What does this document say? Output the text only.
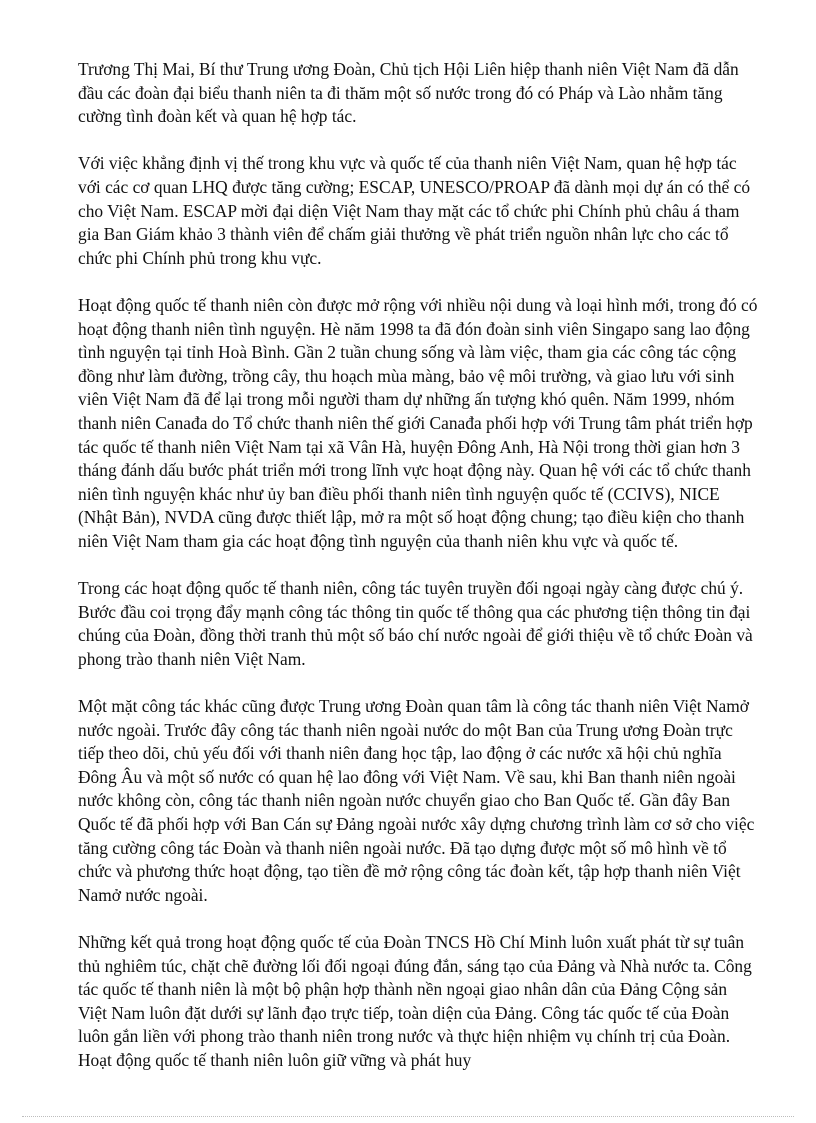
Trương Thị Mai, Bí thư Trung ương Đoàn, Chủ tịch Hội Liên hiệp thanh niên Việt Nam đã dẫn đầu các đoàn đại biểu thanh niên ta đi thăm một số nước trong đó có Pháp và Lào nhằm tăng cường tình đoàn kết và quan hệ hợp tác.

Với việc khẳng định vị thế trong khu vực và quốc tế của thanh niên Việt Nam, quan hệ hợp tác với các cơ quan LHQ được tăng cường; ESCAP, UNESCO/PROAP đã dành mọi dự án có thể có cho Việt Nam. ESCAP mời đại diện Việt Nam thay mặt các tổ chức phi Chính phủ châu á tham gia Ban Giám khảo 3 thành viên để chấm giải thưởng về phát triển nguồn nhân lực cho các tổ chức phi Chính phủ trong khu vực.

Hoạt động quốc tế thanh niên còn được mở rộng với nhiều nội dung và loại hình mới, trong đó có hoạt động thanh niên tình nguyện. Hè năm 1998 ta đã đón đoàn sinh viên Singapo sang lao động tình nguyện tại tỉnh Hoà Bình. Gần 2 tuần chung sống và làm việc, tham gia các công tác cộng đồng như làm đường, trồng cây, thu hoạch mùa màng, bảo vệ môi trường, và giao lưu với sinh viên Việt Nam đã để lại trong mỗi người tham dự những ấn tượng khó quên. Năm 1999, nhóm thanh niên Canađa do Tổ chức thanh niên thế giới Canađa phối hợp với Trung tâm phát triển hợp tác quốc tế thanh niên Việt Nam tại xã Vân Hà, huyện Đông Anh, Hà Nội trong thời gian hơn 3 tháng đánh dấu bước phát triển mới trong lĩnh vực hoạt động này. Quan hệ với các tổ chức thanh niên tình nguyện khác như ủy ban điều phối thanh niên tình nguyện quốc tế (CCIVS), NICE (Nhật Bản), NVDA cũng được thiết lập, mở ra một số hoạt động chung; tạo điều kiện cho thanh niên Việt Nam tham gia các hoạt động tình nguyện của thanh niên khu vực và quốc tế.

Trong các hoạt động quốc tế thanh niên, công tác tuyên truyền đối ngoại ngày càng được chú ý. Bước đầu coi trọng đẩy mạnh công tác thông tin quốc tế thông qua các phương tiện thông tin đại chúng của Đoàn, đồng thời tranh thủ một số báo chí nước ngoài để giới thiệu về tổ chức Đoàn và phong trào thanh niên Việt Nam.

Một mặt công tác khác cũng được Trung ương Đoàn quan tâm là công tác thanh niên Việt Namở nước ngoài. Trước đây công tác thanh niên ngoài nước do một Ban của Trung ương Đoàn trực tiếp theo dõi, chủ yếu đối với thanh niên đang học tập, lao động ở các nước xã hội chủ nghĩa Đông Âu và một số nước có quan hệ lao đông với Việt Nam. Về sau, khi Ban thanh niên ngoài nước không còn, công tác thanh niên ngoàn nước chuyển giao cho Ban Quốc tế. Gần đây Ban Quốc tế đã phối hợp với Ban Cán sự Đảng ngoài nước xây dựng chương trình làm cơ sở cho việc tăng cường công tác Đoàn và thanh niên ngoài nước. Đã tạo dựng được một số mô hình về tổ chức và phương thức hoạt động, tạo tiền đề mở rộng công tác đoàn kết, tập hợp thanh niên Việt Namở nước ngoài.

Những kết quả trong hoạt động quốc tế của Đoàn TNCS Hồ Chí Minh luôn xuất phát từ sự tuân thủ nghiêm túc, chặt chẽ đường lối đối ngoại đúng đắn, sáng tạo của Đảng và Nhà nước ta. Công tác quốc tế thanh niên là một bộ phận hợp thành nền ngoại giao nhân dân của Đảng Cộng sản Việt Nam luôn đặt dưới sự lãnh đạo trực tiếp, toàn diện của Đảng. Công tác quốc tế của Đoàn luôn gắn liền với phong trào thanh niên trong nước và thực hiện nhiệm vụ chính trị của Đoàn. Hoạt động quốc tế thanh niên luôn giữ vững và phát huy
